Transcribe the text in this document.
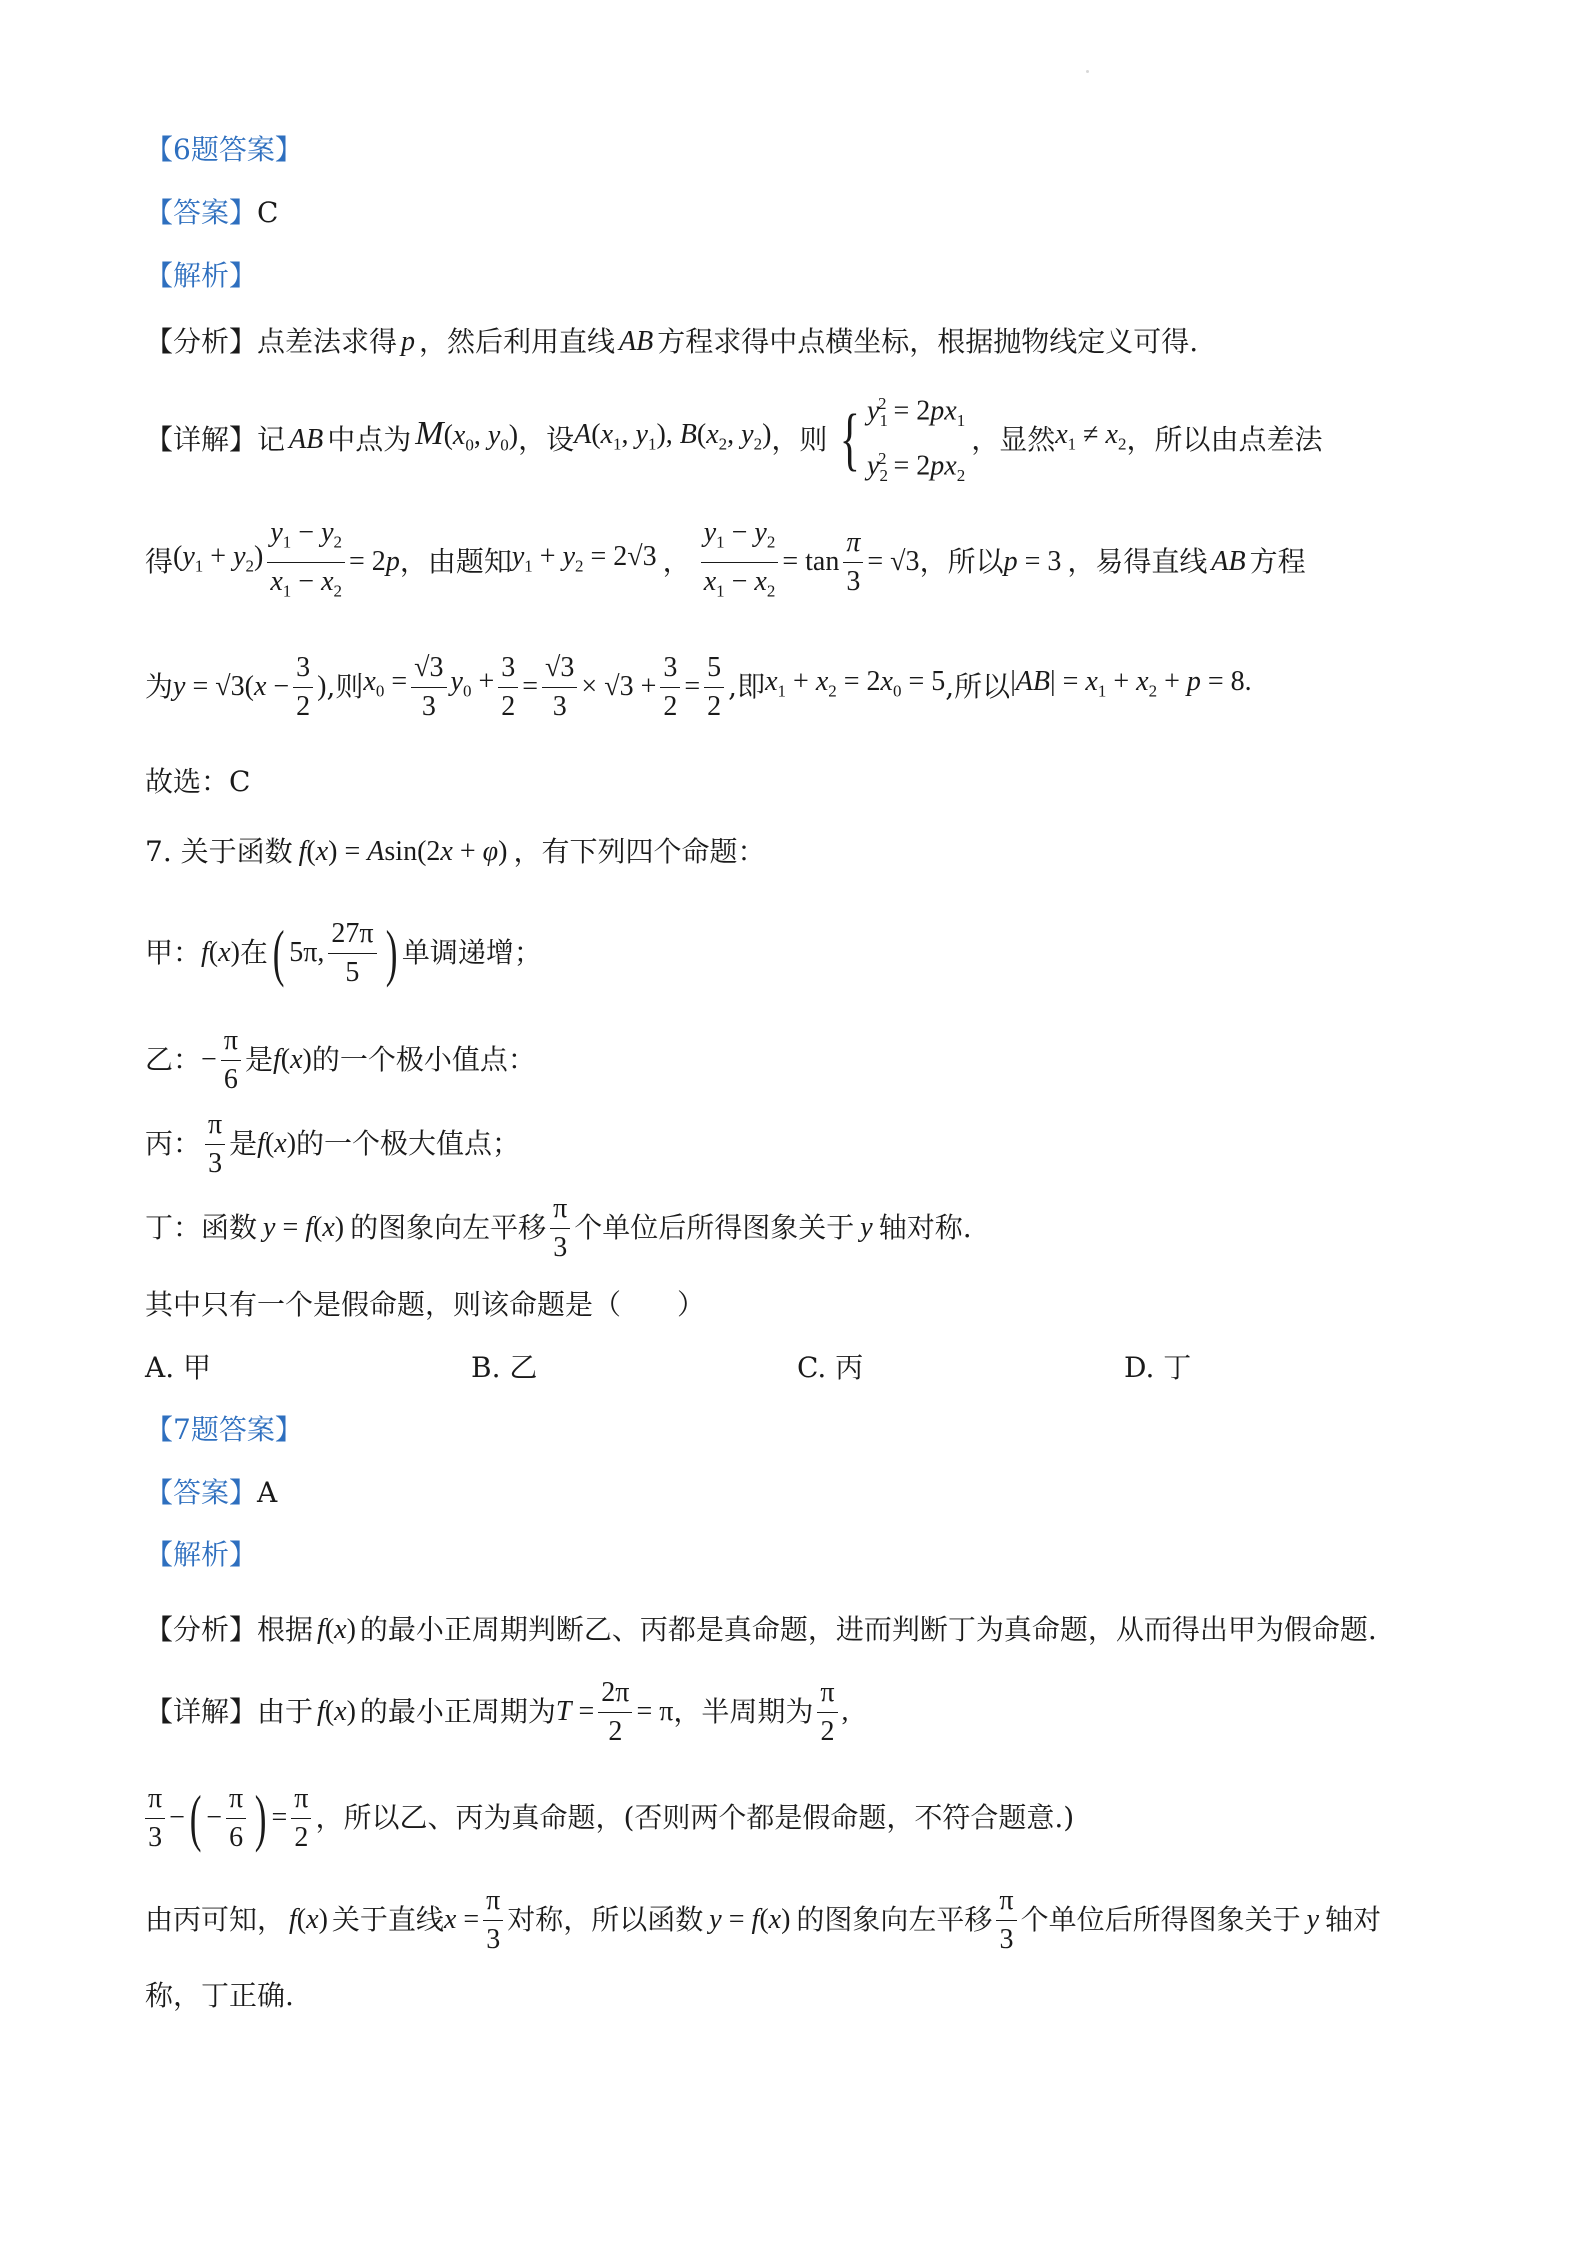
【6题答案】
【答案】 C
【解析】
【分析】 点差法求得 p ，然后利用直线 AB 方程求得中点横坐标，根据抛物线定义可得.
【详解】 记 AB 中点为 $M(x_0$, $y_0$) ，设 $A(x_1$, $y_1$), $B(x_2$, $y_2$) ，则 { $y_1^2 = 2px_1$
$y_2^2 = 2px_2$
，显然 $x_1 \ne x_2$ ，所以由点差法
得 $(y_1 + y_2) \frac{y_1 - y_2}{x_1 - x_2} = 2p$ ，由题知 $y_1 + y_2 = 2√3$ ， $\frac{y_1 - y_2}{x_1 - x_2} = \tan \frac{\pi}{3} = √3$ ，所以 p = 3 ，易得直线 AB 方程
为 $y = √3(x - \frac{3}{2}$ ) ,则 $x_0 = \frac{√3}{3} y_0 + \frac{3}{2} = \frac{√3}{3} \times √3 + \frac{3}{2} = \frac{5}{2}$ ,即 $x_1 + x_2 = 2x_0 = 5$ ,所以 $|AB| = x_1 + x_2 + p = 8$.
故选：C
7. 关于函数 f(x) = Asin(2x + φ) ，有下列四个命题：
甲： f(x) 在 ( 5π, $\frac{27\pi}{5}$ ) 单调递增；
乙： − $\frac{\pi}{6}$ 是 f(x) 的一个极小值点：
丙： $\frac{\pi}{3}$ 是 f(x) 的一个极大值点；
丁：函数 y = f(x) 的图象向左平移 $\frac{\pi}{3}$ 个单位后所得图象关于 y 轴对称.
其中只有一个是假命题，则该命题是（　　）
A. 甲	B. 乙	C. 丙	D. 丁
【7题答案】
【答案】 A
【解析】
【分析】 根据 f(x) 的最小正周期判断乙、丙都是真命题，进而判断丁为真命题，从而得出甲为假命题.
【详解】 由于 f(x) 的最小正周期为 $T = \frac{2\pi}{2} = \pi$ ，半周期为 $\frac{\pi}{2}$ ,
$\frac{\pi}{3}$ − ( − $\frac{\pi}{6}$ ) = $\frac{\pi}{2}$ ，所以乙、丙为真命题，(否则两个都是假命题，不符合题意.)
由丙可知， f(x) 关于直线 $x = \frac{\pi}{3}$ 对称，所以函数 y = f(x) 的图象向左平移 $\frac{\pi}{3}$ 个单位后所得图象关于 y 轴对
称，丁正确.
